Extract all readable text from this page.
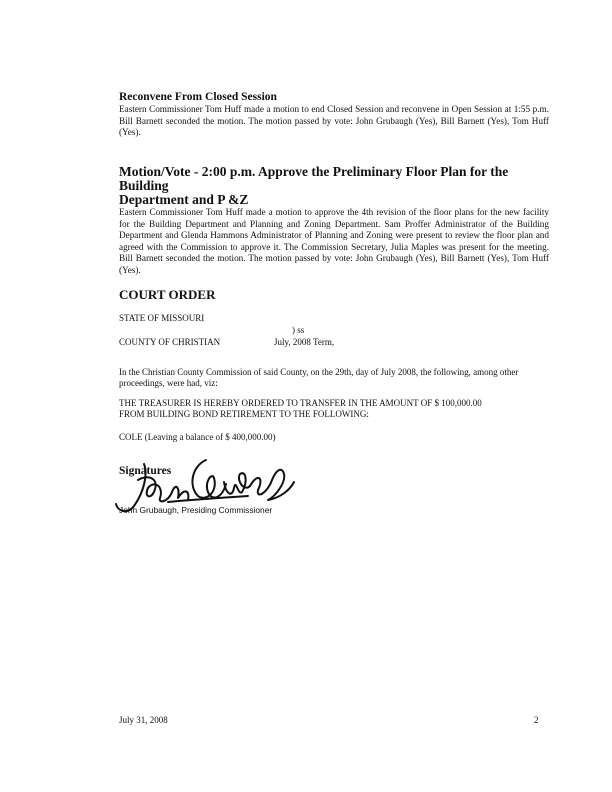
Reconvene From Closed Session
Eastern Commissioner Tom Huff made a motion to end Closed Session and reconvene in Open Session at 1:55 p.m. Bill Barnett seconded the motion. The motion passed by vote: John Grubaugh (Yes), Bill Barnett (Yes), Tom Huff (Yes).
Motion/Vote - 2:00 p.m. Approve the Preliminary Floor Plan for the Building
Department and P &Z
Eastern Commissioner Tom Huff made a motion to approve the 4th revision of the floor plans for the new facility for the Building Department and Planning and Zoning Department. Sam Proffer Administrator of the Building Department and Glenda Hammons Administrator of Planning and Zoning were present to review the floor plan and agreed with the Commission to approve it. The Commission Secretary, Julia Maples was present for the meeting. Bill Barnett seconded the motion. The motion passed by vote: John Grubaugh (Yes), Bill Barnett (Yes), Tom Huff (Yes).
COURT ORDER
STATE OF MISSOURI
) ss
COUNTY OF CHRISTIAN	July, 2008 Term,
In the Christian County Commission of said County, on the 29th, day of July 2008, the following, among other proceedings, were had, viz:
THE TREASURER IS HEREBY ORDERED TO TRANSFER IN THE AMOUNT OF $ 100,000.00
FROM BUILDING BOND RETIREMENT TO THE FOLLOWING:
COLE (Leaving a balance of $ 400,000.00)
Signatures
John Grubaugh, Presiding Commissioner
July 31, 2008	2
